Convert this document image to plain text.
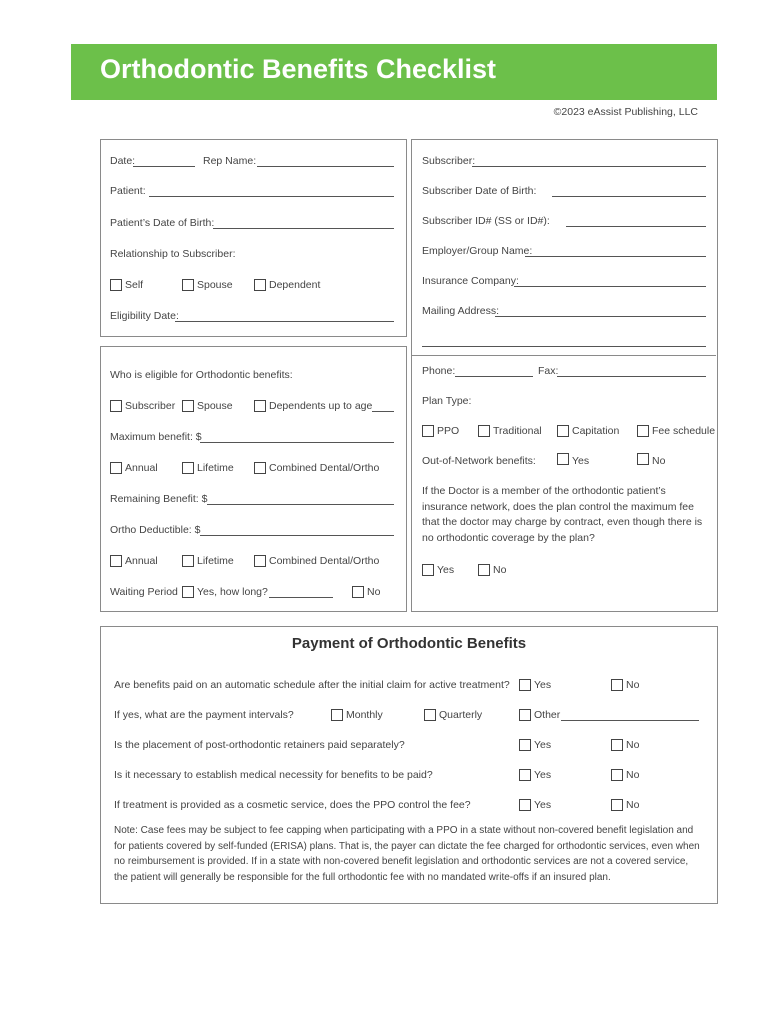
Orthodontic Benefits Checklist
©2023 eAssist Publishing, LLC
Date:	Rep Name:
Patient:
Patient’s Date of Birth:
Relationship to Subscriber:
Self	Spouse	Dependent
Eligibility Date:
Subscriber:
Subscriber Date of Birth:
Subscriber ID# (SS or ID#):
Employer/Group Name:
Insurance Company:
Mailing Address:
Phone:	Fax:
Plan Type:
PPO	Traditional	Capitation	Fee schedule
Out-of-Network benefits:	Yes	No
If the Doctor is a member of the orthodontic patient’s insurance network, does the plan control the maximum fee that the doctor may charge by contract, even though there is no orthodontic coverage by the plan?
Yes	No
Who is eligible for Orthodontic benefits:
Subscriber Spouse	Dependents up to age
Maximum benefit: $
Annual	Lifetime	Combined Dental/Ortho
Remaining Benefit: $
Ortho Deductible: $
Annual	Lifetime	Combined Dental/Ortho
Waiting Period Yes, how long?	No
Payment of Orthodontic Benefits
Are benefits paid on an automatic schedule after the initial claim for active treatment? Yes	No
If yes, what are the payment intervals?	Monthly	Quarterly	Other
Is the placement of post-orthodontic retainers paid separately?	Yes	No
Is it necessary to establish medical necessity for benefits to be paid?	Yes	No
If treatment is provided as a cosmetic service, does the PPO control the fee?	Yes	No
Note: Case fees may be subject to fee capping when participating with a PPO in a state without non-covered benefit legislation and for patients covered by self-funded (ERISA) plans. That is, the payer can dictate the fee charged for orthodontic services, even when no reimbursement is provided. If in a state with non-covered benefit legislation and orthodontic services are not a covered service, the patient will generally be responsible for the full orthodontic fee with no mandated write-offs if an insured plan.
